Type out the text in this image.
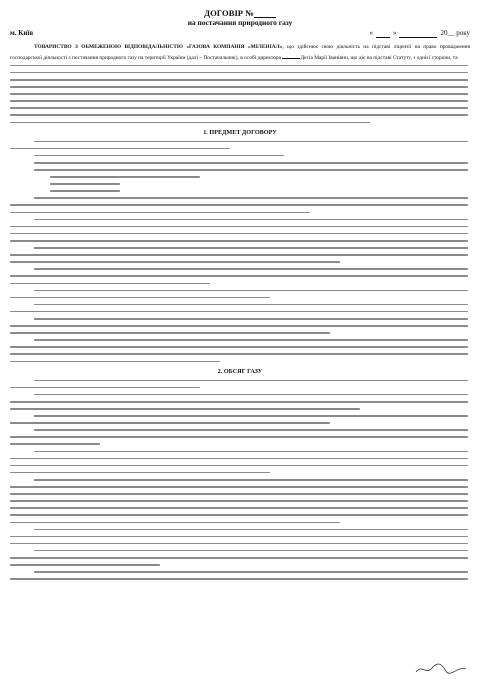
ДОГОВІР №
на постачання природного газу
м. Київ	«	»	20__ року
ТОВАРИСТВО З ОБМЕЖЕНОЮ ВІДПОВІДАЛЬНІСТЮ «ГАЗОВА КОМПАНІЯ «МІЛЕНІАЛ», що здійснює свою діяльність на підставі ліцензії на право провадження господарської діяльності з постачання природного газу на території України (далі – Постачальник), в особі директора	Десіа Марії Іванівни, що діє на підставі Статуту, з однієї сторони, та
1. ПРЕДМЕТ ДОГОВОРУ
2. ОБСЯГ ГАЗУ
